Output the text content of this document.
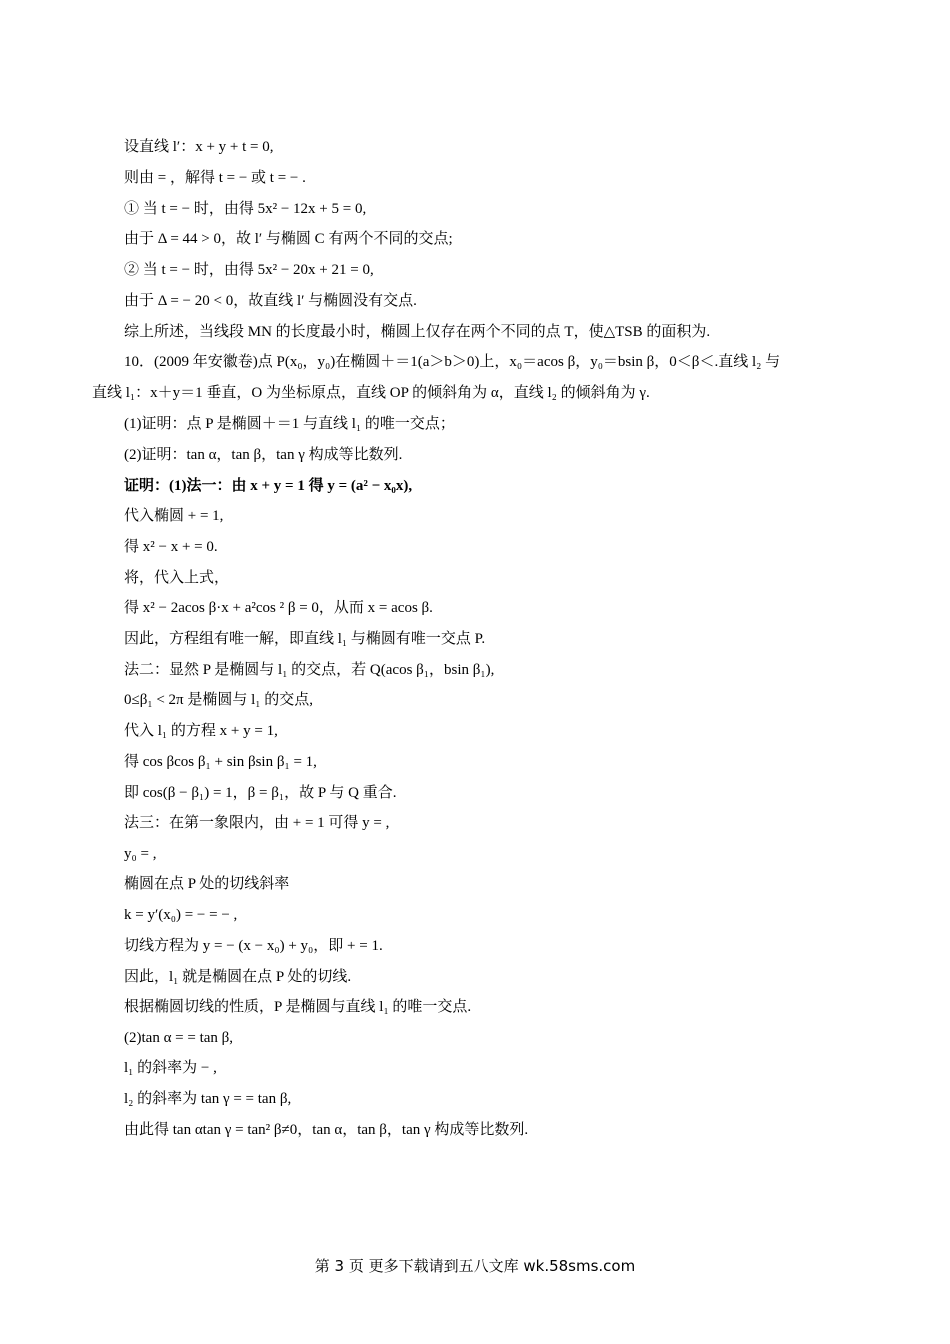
设直线 l′：x + y + t = 0,
则由 = ，解得 t = − 或 t = − .
① 当 t = − 时，由得 5x² − 12x + 5 = 0,
由于 Δ = 44 > 0，故 l′ 与椭圆 C 有两个不同的交点;
② 当 t = − 时，由得 5x² − 20x + 21 = 0,
由于 Δ = − 20 < 0，故直线 l′ 与椭圆没有交点.
综上所述，当线段 MN 的长度最小时，椭圆上仅存在两个不同的点 T，使△TSB 的面积为.
10．(2009 年安徽卷)点 P(x₀，y₀)在椭圆＋＝1(a＞b＞0)上，x₀＝acos β，y₀＝bsin β，0＜β＜.直线 l₂ 与
直线 l₁：x＋y＝1 垂直，O 为坐标原点，直线 OP 的倾斜角为 α，直线 l₂ 的倾斜角为 γ.
(1)证明：点 P 是椭圆＋＝1 与直线 l₁ 的唯一交点；
(2)证明：tan α，tan β，tan γ 构成等比数列.
证明：(1)法一：由 x + y = 1 得 y = (a² − x₀x),
代入椭圆 + = 1,
得 x² − x + = 0.
将，代入上式，
得 x² − 2acos β·x + a²cos ² β = 0，从而 x = acos β.
因此，方程组有唯一解，即直线 l₁ 与椭圆有唯一交点 P.
法二：显然 P 是椭圆与 l₁ 的交点，若 Q(acos β₁，bsin β₁),
0≤β₁ < 2π 是椭圆与 l₁ 的交点,
代入 l₁ 的方程 x + y = 1,
得 cos βcos β₁ + sin βsin β₁ = 1,
即 cos(β − β₁) = 1，β = β₁，故 P 与 Q 重合.
法三：在第一象限内，由 + = 1 可得 y = ,
y₀ = ,
椭圆在点 P 处的切线斜率
k = y′(x₀) = − = − ,
切线方程为 y = − (x − x₀) + y₀，即 + = 1.
因此，l₁ 就是椭圆在点 P 处的切线.
根据椭圆切线的性质，P 是椭圆与直线 l₁ 的唯一交点.
(2)tan α = = tan β,
l₁ 的斜率为 − ,
l₂ 的斜率为 tan γ = = tan β,
由此得 tan αtan γ = tan² β≠0，tan α，tan β，tan γ 构成等比数列.
第 3 页 更多下载请到五八文库 wk.58sms.com
